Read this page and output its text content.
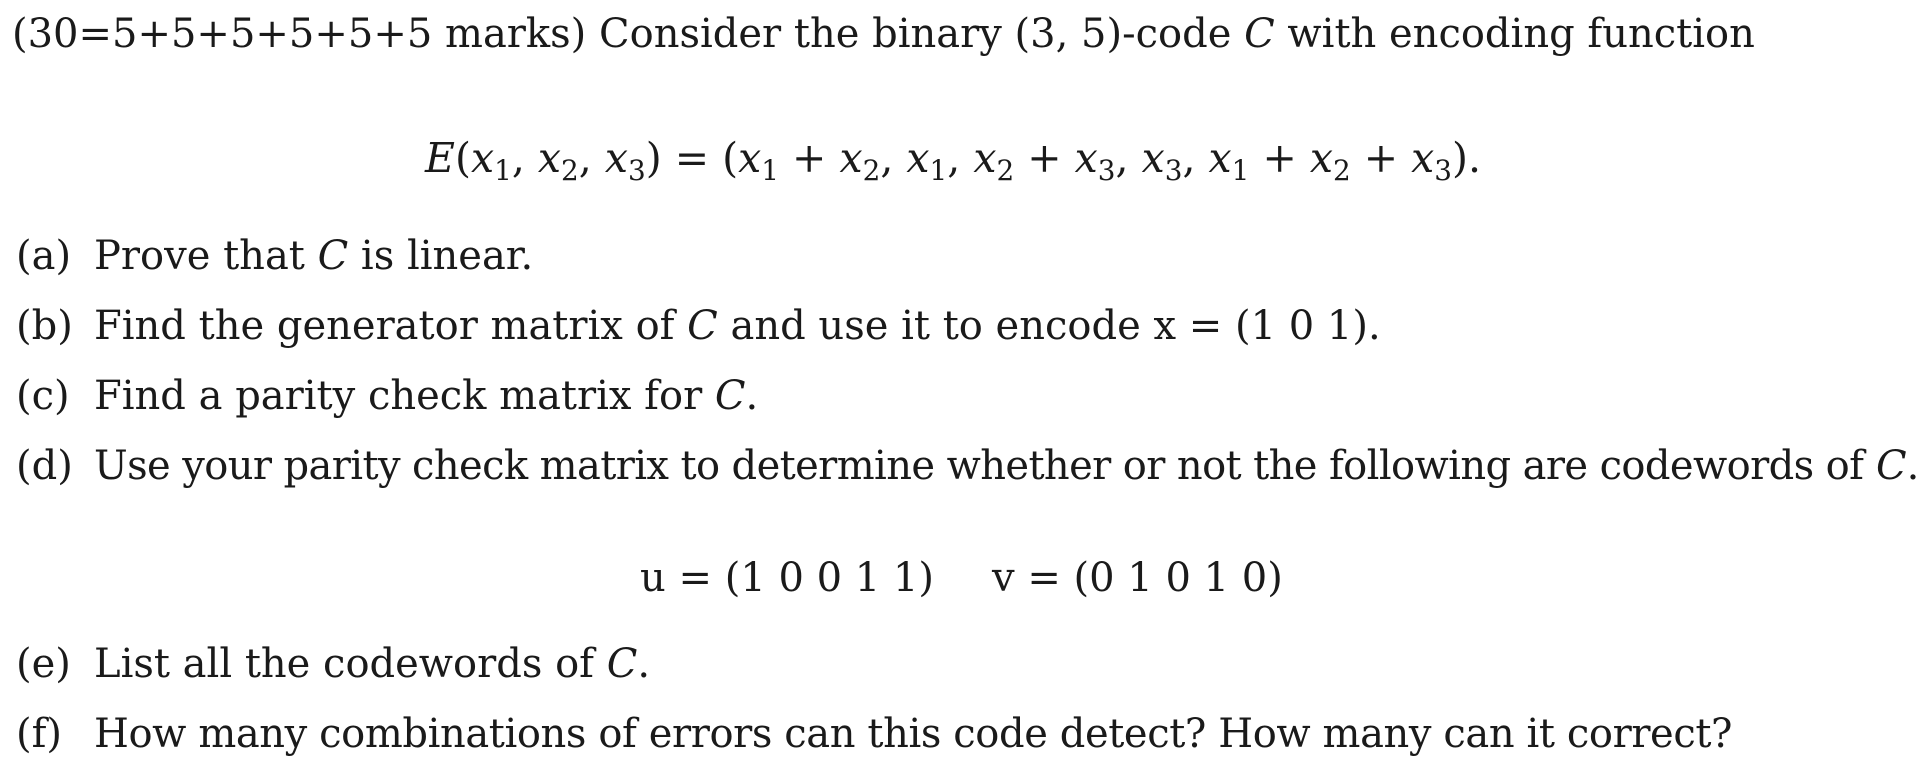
(30=5+5+5+5+5+5 marks) Consider the binary (3, 5)-code C with encoding function
$E(x_1$, $x_2$, $x_3) = (x_1 + x_2$, $x_1$, $x_2 + x_3$, $x_3$, $x_1 + x_2 + x_3$).
(a) Prove that C is linear.
(b) Find the generator matrix of C and use it to encode x = (1 0 1).
(c) Find a parity check matrix for C.
(d) Use your parity check matrix to determine whether or not the following are codewords of C.
u = (1 0 0 1 1) v = (0 1 0 1 0)
(e) List all the codewords of C.
(f) How many combinations of errors can this code detect? How many can it correct?
